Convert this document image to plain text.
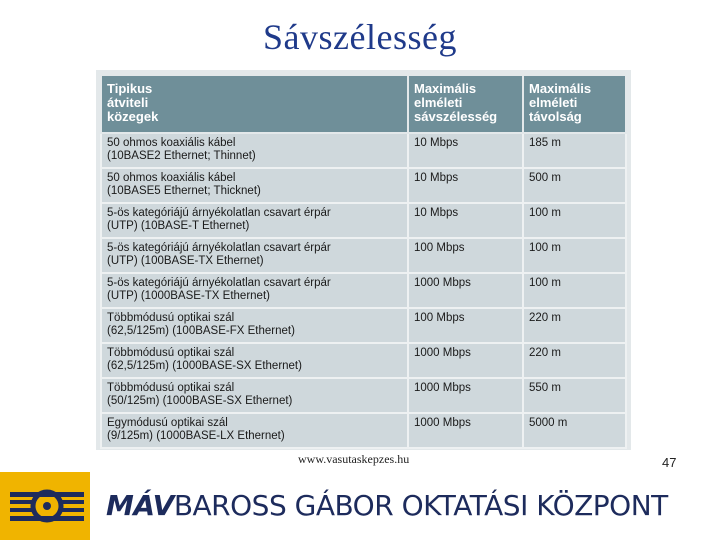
Sávszélesség
Tipikus
átviteli
közegek	Maximális
elméleti
sávszélesség	Maximális
elméleti
távolság
50 ohmos koaxiális kábel
(10BASE2 Ethernet; Thinnet)	10 Mbps	185 m
50 ohmos koaxiális kábel
(10BASE5 Ethernet; Thicknet)	10 Mbps	500 m
5-ös kategóriájú árnyékolatlan csavart érpár
(UTP) (10BASE-T Ethernet)	10 Mbps	100 m
5-ös kategóriájú árnyékolatlan csavart érpár
(UTP) (100BASE-TX Ethernet)	100 Mbps	100 m
5-ös kategóriájú árnyékolatlan csavart érpár
(UTP) (1000BASE-TX Ethernet)	1000 Mbps	100 m
Többmódusú optikai szál
(62,5/125m) (100BASE-FX Ethernet)	100 Mbps	220 m
Többmódusú optikai szál
(62,5/125m) (1000BASE-SX Ethernet)	1000 Mbps	220 m
Többmódusú optikai szál
(50/125m) (1000BASE-SX Ethernet)	1000 Mbps	550 m
Egymódusú optikai szál
(9/125m) (1000BASE-LX Ethernet)	1000 Mbps	5000 m
www.vasutaskepzes.hu	47
MÁVBAROSS GÁBOR OKTATÁSI KÖZPONT
